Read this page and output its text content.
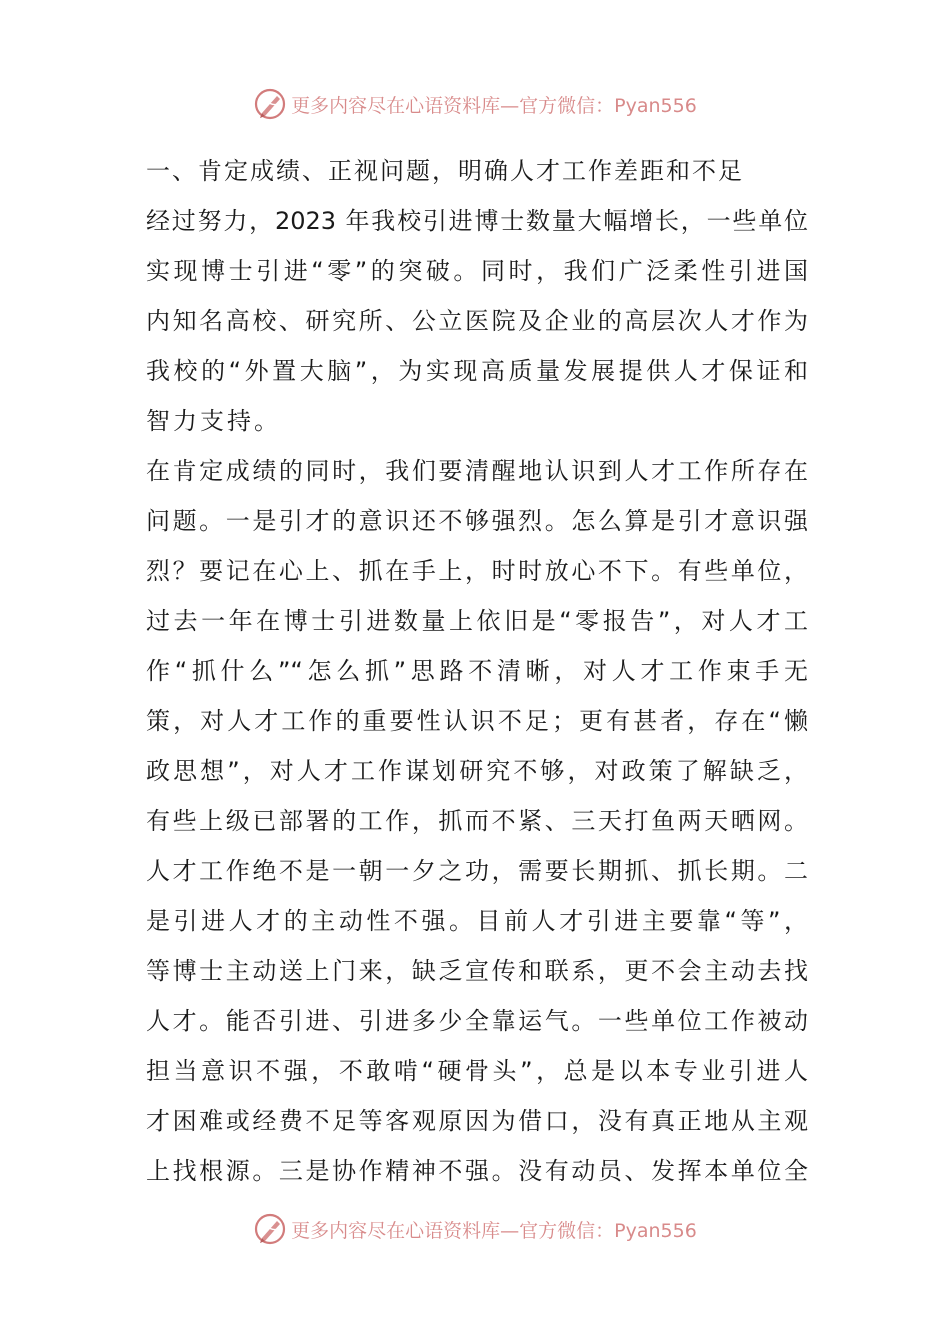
更多内容尽在心语资料库—官方微信：Pyan556
一、肯定成绩、正视问题，明确人才工作差距和不足
经过努力，2023 年我校引进博士数量大幅增长，一些单位
实现博士引进“零”的突破。同时，我们广泛柔性引进国
内知名高校、研究所、公立医院及企业的高层次人才作为
我校的“外置大脑”，为实现高质量发展提供人才保证和
智力支持。
在肯定成绩的同时，我们要清醒地认识到人才工作所存在
问题。一是引才的意识还不够强烈。怎么算是引才意识强
烈？要记在心上、抓在手上，时时放心不下。有些单位，
过去一年在博士引进数量上依旧是“零报告”，对人才工
作“抓什么”“怎么抓”思路不清晰，对人才工作束手无
策，对人才工作的重要性认识不足；更有甚者，存在“懒
政思想”，对人才工作谋划研究不够，对政策了解缺乏，
有些上级已部署的工作，抓而不紧、三天打鱼两天晒网。
人才工作绝不是一朝一夕之功，需要长期抓、抓长期。二
是引进人才的主动性不强。目前人才引进主要靠“等”，
等博士主动送上门来，缺乏宣传和联系，更不会主动去找
人才。能否引进、引进多少全靠运气。一些单位工作被动
担当意识不强，不敢啃“硬骨头”，总是以本专业引进人
才困难或经费不足等客观原因为借口，没有真正地从主观
上找根源。三是协作精神不强。没有动员、发挥本单位全
更多内容尽在心语资料库—官方微信：Pyan556
